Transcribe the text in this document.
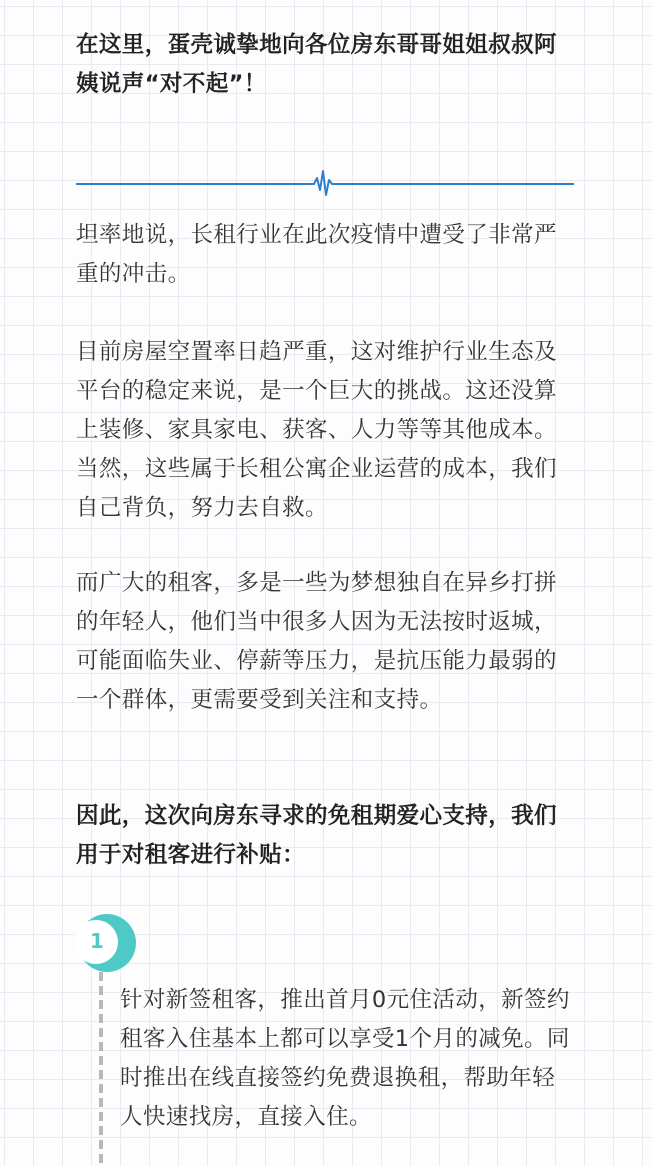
在这里，蛋壳诚挚地向各位房东哥哥姐姐叔叔阿姨说声“对不起”！

坦率地说，长租行业在此次疫情中遭受了非常严重的冲击。

目前房屋空置率日趋严重，这对维护行业生态及平台的稳定来说，是一个巨大的挑战。这还没算上装修、家具家电、获客、人力等等其他成本。当然，这些属于长租公寓企业运营的成本，我们自己背负，努力去自救。

而广大的租客，多是一些为梦想独自在异乡打拼的年轻人，他们当中很多人因为无法按时返城，可能面临失业、停薪等压力，是抗压能力最弱的一个群体，更需要受到关注和支持。

因此，这次向房东寻求的免租期爱心支持，我们用于对租客进行补贴：

1

针对新签租客，推出首月0元住活动，新签约租客入住基本上都可以享受1个月的减免。同时推出在线直接签约免费退换租，帮助年轻人快速找房，直接入住。
